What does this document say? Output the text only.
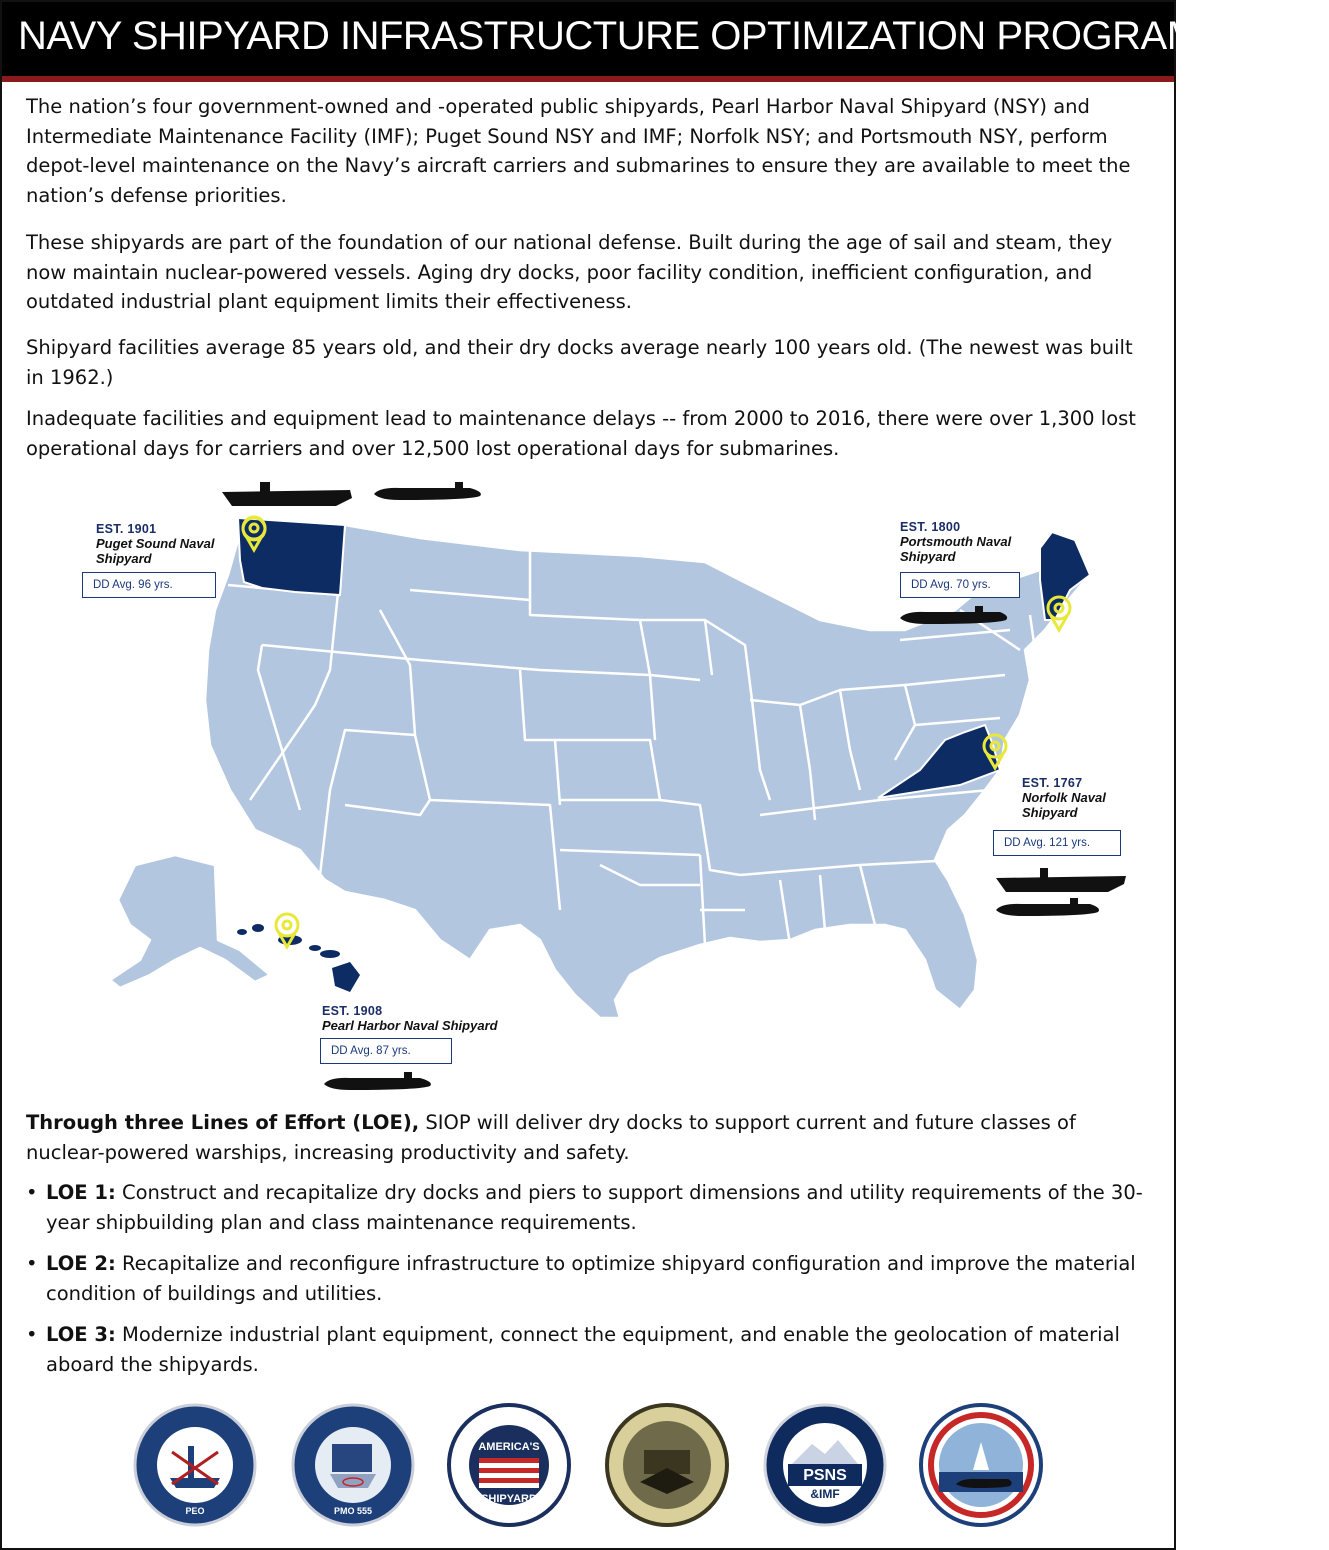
NAVY SHIPYARD INFRASTRUCTURE OPTIMIZATION PROGRAM (SIOP)

The nation’s four government-owned and -operated public shipyards, Pearl Harbor Naval Shipyard (NSY) and Intermediate Maintenance Facility (IMF); Puget Sound NSY and IMF; Norfolk NSY; and Portsmouth NSY, perform depot-level maintenance on the Navy’s aircraft carriers and submarines to ensure they are available to meet the nation’s defense priorities.

These shipyards are part of the foundation of our national defense. Built during the age of sail and steam, they now maintain nuclear-powered vessels. Aging dry docks, poor facility condition, inefficient configuration, and outdated industrial plant equipment limits their effectiveness.

Shipyard facilities average 85 years old, and their dry docks average nearly 100 years old. (The newest was built in 1962.)

Inadequate facilities and equipment lead to maintenance delays -- from 2000 to 2016, there were over 1,300 lost operational days for carriers and over 12,500 lost operational days for submarines.

EST. 1901
Puget Sound Naval
Shipyard
DD Avg. 96 yrs.
EST. 1800
Portsmouth Naval
Shipyard
DD Avg. 70 yrs.
EST. 1767
Norfolk Naval
Shipyard
DD Avg. 121 yrs.
EST. 1908
Pearl Harbor Naval Shipyard
DD Avg. 87 yrs.

Through three Lines of Effort (LOE), SIOP will deliver dry docks to support current and future classes of nuclear-powered warships, increasing productivity and safety.

• LOE 1: Construct and recapitalize dry docks and piers to support dimensions and utility requirements of the 30-year shipbuilding plan and class maintenance requirements.
• LOE 2: Recapitalize and reconfigure infrastructure to optimize shipyard configuration and improve the material condition of buildings and utilities.
• LOE 3: Modernize industrial plant equipment, connect the equipment, and enable the geolocation of material aboard the shipyards.
PEO	PMO 555
AMERICA'S
SHIPYARD
PSNS
&IMF
